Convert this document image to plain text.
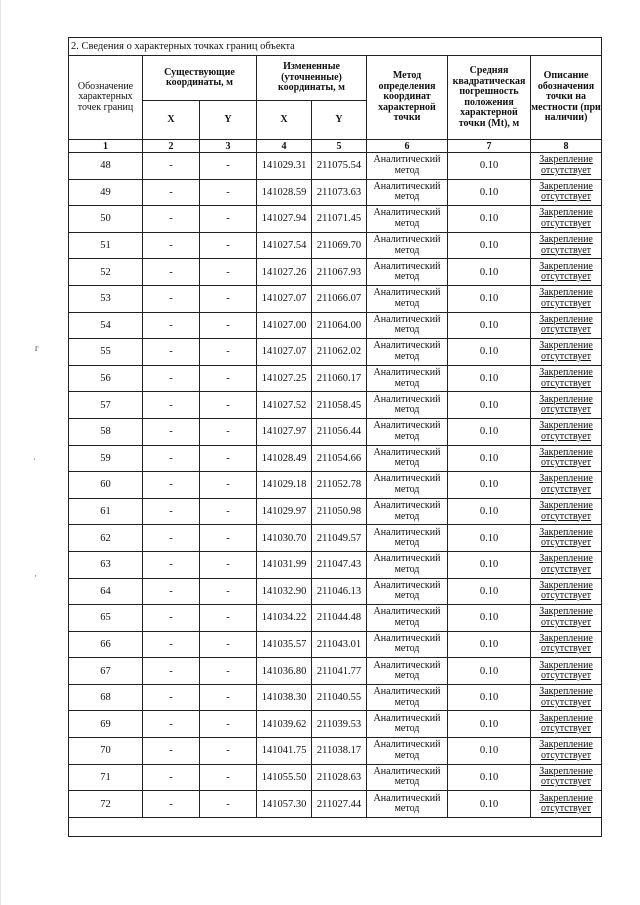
ᴦ
ʾ
·
2. Сведения о характерных точках границ объекта							
Обозначение характерных точек границ	Существующие координаты, м		Измененные (уточненные) координаты, м		Метод определения координат характерной точки	Средняя квадратическая погрешность положения характерной точки (Mt), м	Описание обозначения точки на местности (при наличии)
	X	Y	X	Y			
1	2	3	4	5	6	7	8
48	-	-	141029.31	211075.54	Аналитический метод	0.10	Закрепление отсутствует
49	-	-	141028.59	211073.63	Аналитический метод	0.10	Закрепление отсутствует
50	-	-	141027.94	211071.45	Аналитический метод	0.10	Закрепление отсутствует
51	-	-	141027.54	211069.70	Аналитический метод	0.10	Закрепление отсутствует
52	-	-	141027.26	211067.93	Аналитический метод	0.10	Закрепление отсутствует
53	-	-	141027.07	211066.07	Аналитический метод	0.10	Закрепление отсутствует
54	-	-	141027.00	211064.00	Аналитический метод	0.10	Закрепление отсутствует
55	-	-	141027.07	211062.02	Аналитический метод	0.10	Закрепление отсутствует
56	-	-	141027.25	211060.17	Аналитический метод	0.10	Закрепление отсутствует
57	-	-	141027.52	211058.45	Аналитический метод	0.10	Закрепление отсутствует
58	-	-	141027.97	211056.44	Аналитический метод	0.10	Закрепление отсутствует
59	-	-	141028.49	211054.66	Аналитический метод	0.10	Закрепление отсутствует
60	-	-	141029.18	211052.78	Аналитический метод	0.10	Закрепление отсутствует
61	-	-	141029.97	211050.98	Аналитический метод	0.10	Закрепление отсутствует
62	-	-	141030.70	211049.57	Аналитический метод	0.10	Закрепление отсутствует
63	-	-	141031.99	211047.43	Аналитический метод	0.10	Закрепление отсутствует
64	-	-	141032.90	211046.13	Аналитический метод	0.10	Закрепление отсутствует
65	-	-	141034.22	211044.48	Аналитический метод	0.10	Закрепление отсутствует
66	-	-	141035.57	211043.01	Аналитический метод	0.10	Закрепление отсутствует
67	-	-	141036.80	211041.77	Аналитический метод	0.10	Закрепление отсутствует
68	-	-	141038.30	211040.55	Аналитический метод	0.10	Закрепление отсутствует
69	-	-	141039.62	211039.53	Аналитический метод	0.10	Закрепление отсутствует
70	-	-	141041.75	211038.17	Аналитический метод	0.10	Закрепление отсутствует
71	-	-	141055.50	211028.63	Аналитический метод	0.10	Закрепление отсутствует
72	-	-	141057.30	211027.44	Аналитический метод	0.10	Закрепление отсутствует
